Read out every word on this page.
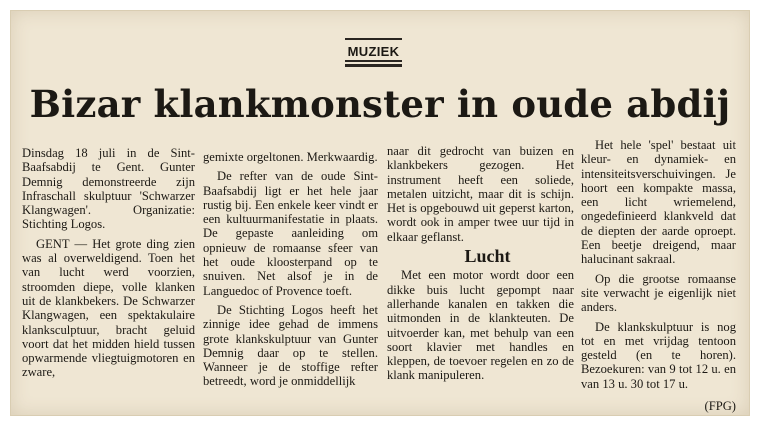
MUZIEK
Bizar klankmonster in oude abdij

Dinsdag 18 juli in de Sint-Baafsabdij te Gent. Gunter Demnig demonstreerde zijn Infraschall skulptuur 'Schwarzer Klangwagen'. Organizatie: Stichting Logos.

GENT — Het grote ding zien was al overweldigend. Toen het van lucht werd voorzien, stroomden diepe, volle klanken uit de klankbekers. De Schwarzer Klangwagen, een spektakulaire klanksculptuur, bracht geluid voort dat het midden hield tussen opwarmende vliegtuigmotoren en zware,

gemixte orgeltonen. Merkwaardig.

De refter van de oude Sint-Baafsabdij ligt er het hele jaar rustig bij. Een enkele keer vindt er een kultuurmanifestatie in plaats. De gepaste aanleiding om opnieuw de romaanse sfeer van het oude kloosterpand op te snuiven. Net alsof je in de Languedoc of Provence toeft.

De Stichting Logos heeft het zinnige idee gehad de immens grote klankskulptuur van Gunter Demnig daar op te stellen. Wanneer je de stoffige refter betreedt, word je onmiddellijk

naar dit gedrocht van buizen en klankbekers gezogen. Het instrument heeft een soliede, metalen uitzicht, maar dit is schijn. Het is opgebouwd uit geperst karton, wordt ook in amper twee uur tijd in elkaar geflanst.

Lucht

Met een motor wordt door een dikke buis lucht gepompt naar allerhande kanalen en takken die uitmonden in de klankteuten. De uitvoerder kan, met behulp van een soort klavier met handles en kleppen, de toevoer regelen en zo de klank manipuleren.

Het hele 'spel' bestaat uit kleur- en dynamiek- en intensiteitsverschuivingen. Je hoort een kompakte massa, een licht wriemelend, ongedefinieerd klankveld dat de diepten der aarde oproept. Een beetje dreigend, maar halucinant sakraal.

Op die grootse romaanse site verwacht je eigenlijk niet anders.

De klankskulptuur is nog tot en met vrijdag tentoon gesteld (en te horen). Bezoekuren: van 9 tot 12 u. en van 13 u. 30 tot 17 u.

(FPG)
